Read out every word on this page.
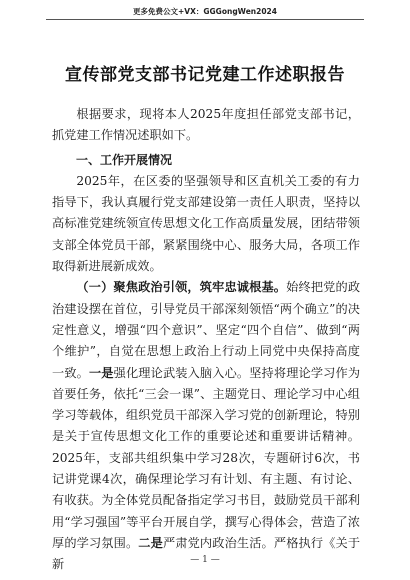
更多免费公文+VX：GGGongWen2024
宣传部党支部书记党建工作述职报告

根据要求，现将本人2025年度担任部党支部书记，抓党建工作情况述职如下。

一、工作开展情况

2025年，在区委的坚强领导和区直机关工委的有力指导下，我认真履行党支部建设第一责任人职责，坚持以高标准党建统领宣传思想文化工作高质量发展，团结带领支部全体党员干部，紧紧围绕中心、服务大局，各项工作取得新进展新成效。

（一）聚焦政治引领，筑牢忠诚根基。始终把党的政治建设摆在首位，引导党员干部深刻领悟“两个确立”的决定性意义，增强“四个意识”、坚定“四个自信”、做到“两个维护”，自觉在思想上政治上行动上同党中央保持高度一致。一是强化理论武装入脑入心。坚持将理论学习作为首要任务，依托“三会一课”、主题党日、理论学习中心组学习等载体，组织党员干部深入学习党的创新理论，特别是关于宣传思想文化工作的重要论述和重要讲话精神。2025年，支部共组织集中学习28次，专题研讨6次，书记讲党课4次，确保理论学习有计划、有主题、有讨论、有收获。为全体党员配备指定学习书目，鼓励党员干部利用“学习强国”等平台开展自学，撰写心得体会，营造了浓厚的学习氛围。二是严肃党内政治生活。严格执行《关于新	— 1 —
